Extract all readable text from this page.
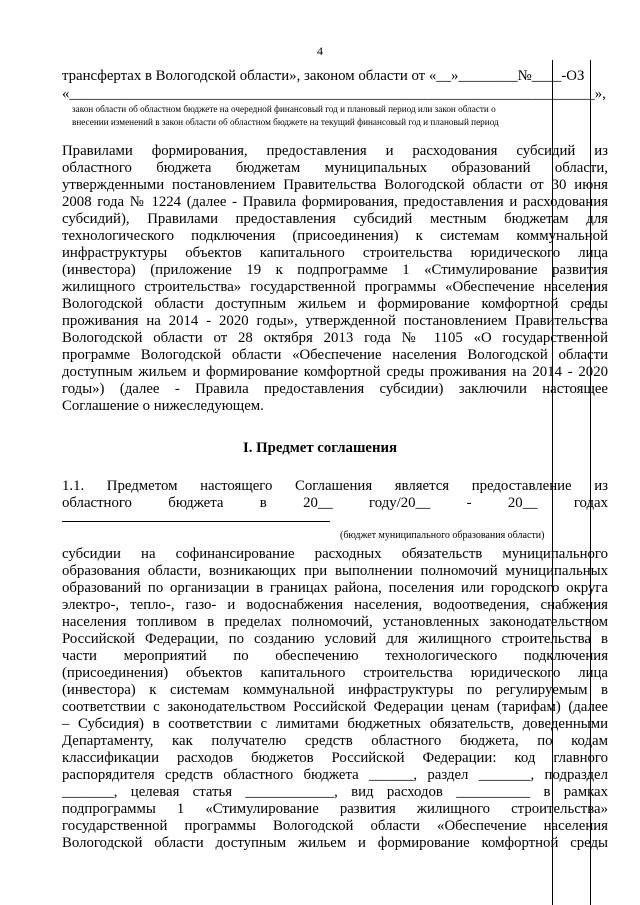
4
трансфертах в Вологодской области», законом области от «__»________№____-ОЗ
«_______________________________________________________________________»,
закон области об областном бюджете на очередной финансовый год и плановый период или закон области о
внесении изменений в закон области об областном бюджете на текущий финансовый год и плановый период
Правилами формирования, предоставления и расходования субсидий из
областного бюджета бюджетам муниципальных образований области,
утвержденными постановлением Правительства Вологодской области от 30 июня
2008 года № 1224 (далее - Правила формирования, предоставления и расходования
субсидий), Правилами предоставления субсидий местным бюджетам для
технологического подключения (присоединения) к системам коммунальной
инфраструктуры объектов капитального строительства юридического лица
(инвестора) (приложение 19 к подпрограмме 1 «Стимулирование развития
жилищного строительства» государственной программы «Обеспечение населения
Вологодской области доступным жильем и формирование комфортной среды
проживания на 2014 - 2020 годы», утвержденной постановлением Правительства
Вологодской области от 28 октября 2013 года № 1105 «О государственной
программе Вологодской области «Обеспечение населения Вологодской области
доступным жильем и формирование комфортной среды проживания на 2014 - 2020
годы») (далее - Правила предоставления субсидии) заключили настоящее
Соглашение о нижеследующем.
I. Предмет соглашения
1.1. Предметом настоящего Соглашения является предоставление из
областного бюджета в 20__ году/20__ - 20__ годах
(бюджет муниципального образования области)
субсидии на софинансирование расходных обязательств муниципального
образования области, возникающих при выполнении полномочий муниципальных
образований по организации в границах района, поселения или городского округа
электро-, тепло-, газо- и водоснабжения населения, водоотведения, снабжения
населения топливом в пределах полномочий, установленных законодательством
Российской Федерации, по созданию условий для жилищного строительства в
части мероприятий по обеспечению технологического подключения
(присоединения) объектов капитального строительства юридического лица
(инвестора) к системам коммунальной инфраструктуры по регулируемым в
соответствии с законодательством Российской Федерации ценам (тарифам) (далее
– Субсидия) в соответствии с лимитами бюджетных обязательств, доведенными
Департаменту, как получателю средств областного бюджета, по кодам
классификации расходов бюджетов Российской Федерации: код главного
распорядителя средств областного бюджета ______, раздел _______, подраздел
_______, целевая статья ____________, вид расходов __________ в рамках
подпрограммы 1 «Стимулирование развития жилищного строительства»
государственной программы Вологодской области «Обеспечение населения
Вологодской области доступным жильем и формирование комфортной среды
